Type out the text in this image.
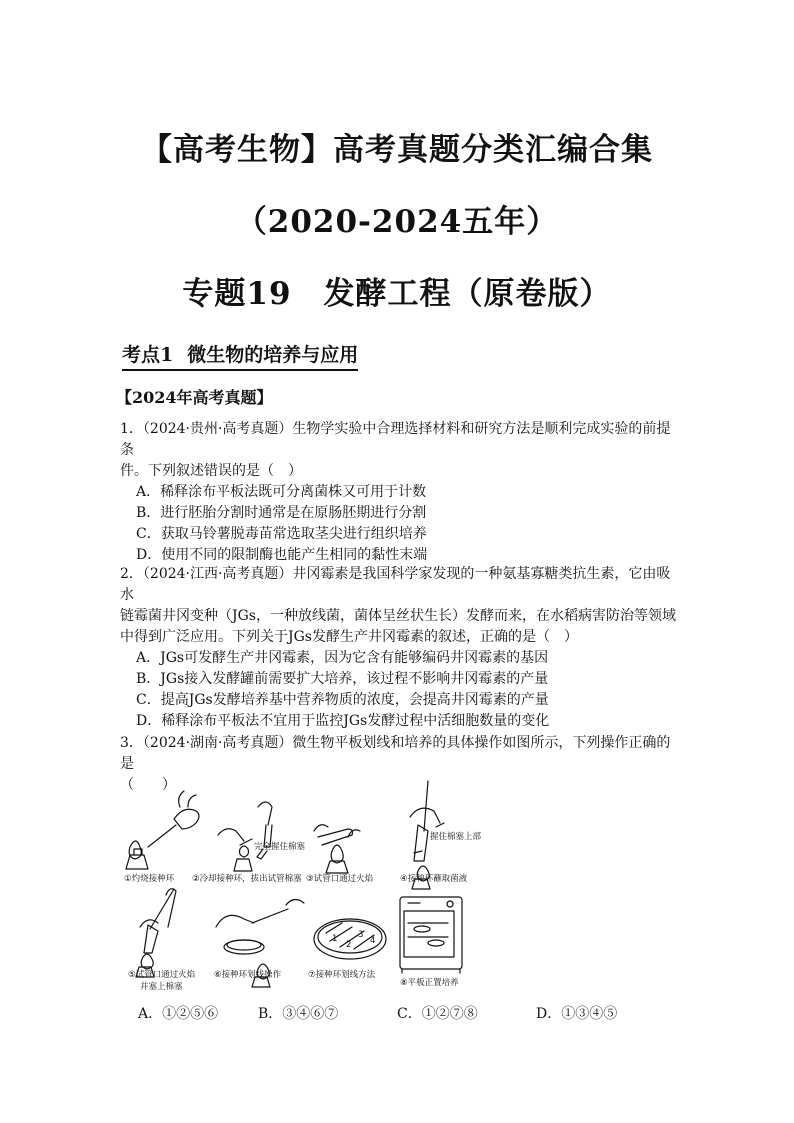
【高考生物】高考真题分类汇编合集
（2020-2024五年）
专题19　发酵工程（原卷版）
考点1 微生物的培养与应用
【2024年高考真题】
1．（2024·贵州·高考真题）生物学实验中合理选择材料和研究方法是顺利完成实验的前提条
件。下列叙述错误的是（　）
A．稀释涂布平板法既可分离菌株又可用于计数
B．进行胚胎分割时通常是在原肠胚期进行分割
C．获取马铃薯脱毒苗常选取茎尖进行组织培养
D．使用不同的限制酶也能产生相同的黏性末端
2．（2024·江西·高考真题）井冈霉素是我国科学家发现的一种氨基寡糖类抗生素，它由吸水
链霉菌井冈变种（JGs，一种放线菌，菌体呈丝状生长）发酵而来，在水稻病害防治等领域
中得到广泛应用。下列关于JGs发酵生产井冈霉素的叙述，正确的是（　）
A．JGs可发酵生产井冈霉素，因为它含有能够编码井冈霉素的基因
B．JGs接入发酵罐前需要扩大培养，该过程不影响井冈霉素的产量
C．提高JGs发酵培养基中营养物质的浓度，会提高井冈霉素的产量
D．稀释涂布平板法不宜用于监控JGs发酵过程中活细胞数量的变化
3．（2024·湖南·高考真题）微生物平板划线和培养的具体操作如图所示，下列操作正确的是
（　　）
完全握住棉塞
握住棉塞上部
1
2
3
4
①灼烧接种环 ②冷却接种环，拔出试管棉塞 ③试管口通过火焰	④接种环蘸取菌液
⑤试管口通过火焰
并塞上棉塞
⑥接种环划线操作	⑦接种环划线方法
⑧平板正置培养
A．①②⑤⑥	B．③④⑥⑦	C．①②⑦⑧	D．①③④⑤
